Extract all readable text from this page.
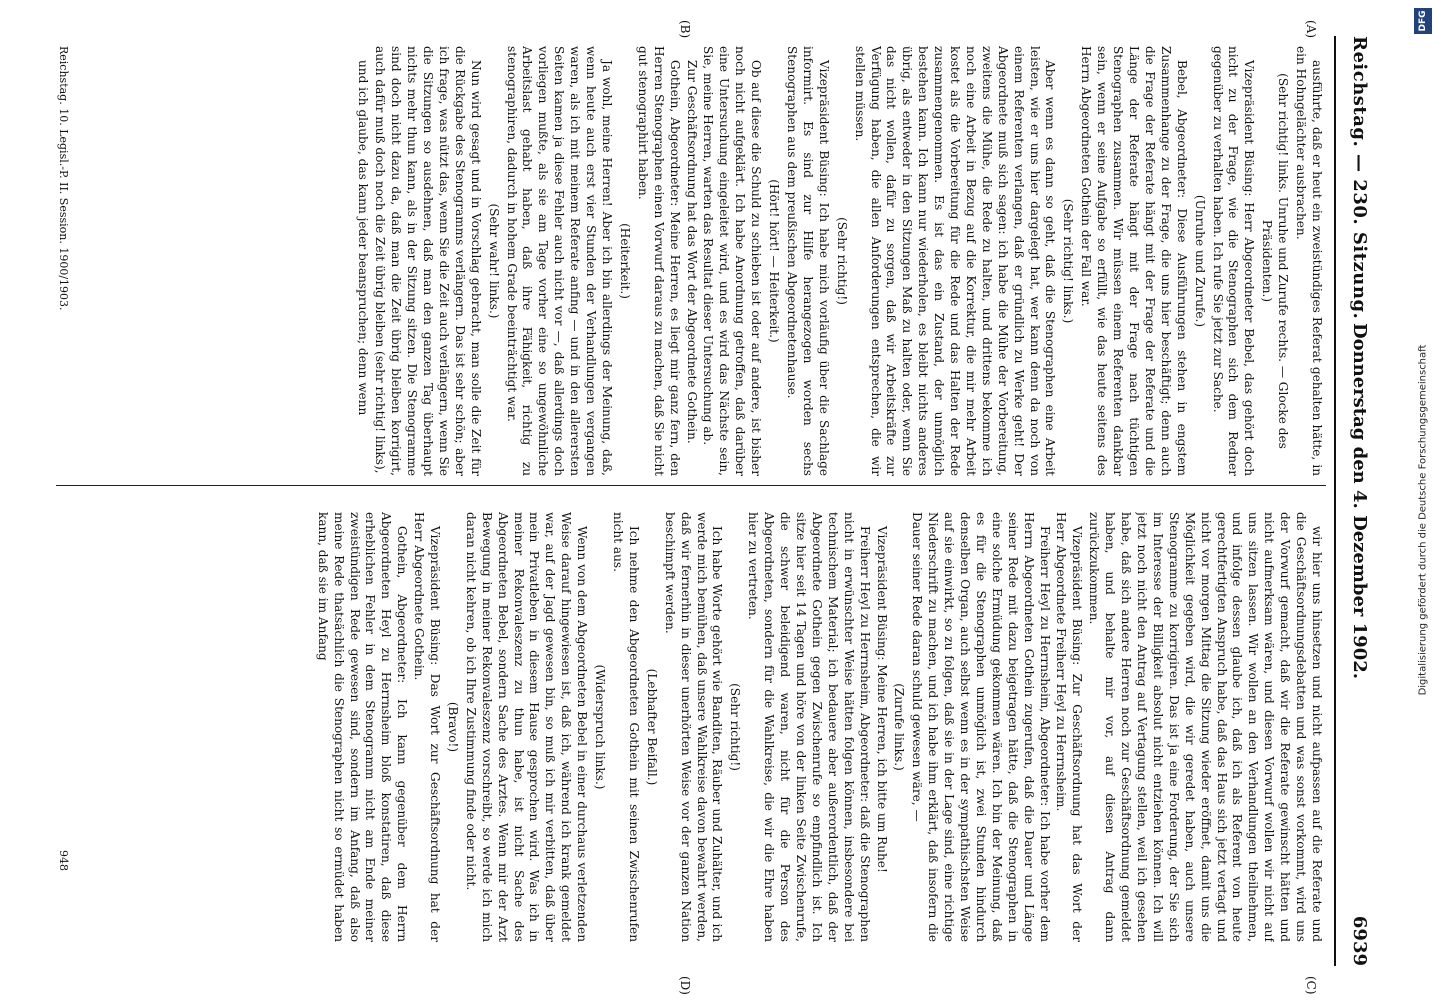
DFG
Digitalisierung gefördert durch die Deutsche Forschungsgemeinschaft
Reichstag. — 230. Sitzung.
Donnerstag den 4. Dezember 1902.
6939
(A)
(B)
(C)
(D)

ausführte, daß er heut ein zweistündiges Referat gehalten hätte, in ein Hohngelächter ausbrachen.

(Sehr richtig! links. Unruhe und Zurufe rechts. — Glocke des Präsidenten.)

Vizepräsident Büsing: Herr Abgeordneter Bebel, das gehört doch nicht zu der Frage, wie die Stenographen sich dem Redner gegenüber zu verhalten haben. Ich rufe Sie jetzt zur Sache.

(Unruhe und Zurufe.)

Bebel, Abgeordneter: Diese Ausführungen stehen in engstem Zusammenhange zu der Frage, die uns hier beschäftigt; denn auch die Frage der Referate hängt mit der Frage der Referate und die Länge der Referate hängt mit der Frage nach tüchtigen Stenographen zusammen. Wir müssen einem Referenten dankbar sein, wenn er seine Aufgabe so erfüllt, wie das heute seitens des Herrn Abgeordneten Gothein der Fall war.

(Sehr richtig! links.)

Aber wenn es dann so geht, daß die Stenographen eine Arbeit leisten, wie er uns hier dargelegt hat, wer kann denn da noch von einem Referenten verlangen, daß er gründlich zu Werke geht! Der Abgeordnete muß sich sagen: ich habe die Mühe der Vorbereitung, zweitens die Mühe, die Rede zu halten, und drittens bekomme ich noch eine Arbeit in Bezug auf die Korrektur, die mir mehr Arbeit kostet als die Vorbereitung für die Rede und das Halten der Rede zusammengenommen. Es ist das ein Zustand, der unmöglich bestehen kann. Ich kann nur wiederholen, es bleibt nichts anderes übrig, als entweder in den Sitzungen Maß zu halten oder, wenn Sie das nicht wollen, dafür zu sorgen, daß wir Arbeitskräfte zur Verfügung haben, die allen Anforderungen entsprechen, die wir stellen müssen.

(Sehr richtig!)

Vizepräsident Büsing: Ich habe mich vorläufig über die Sachlage informirt. Es sind zur Hilfe herangezogen worden sechs Stenographen aus dem preußischen Abgeordnetenhause.

(Hört! hört! — Heiterkeit.)

Ob auf diese die Schuld zu schieben ist oder auf andere, ist bisher noch nicht aufgeklärt. Ich habe Anordnung getroffen, daß darüber eine Untersuchung eingeleitet wird, und es wird das Nächste sein, Sie, meine Herren, warten das Resultat dieser Untersuchung ab.

Zur Geschäftsordnung hat das Wort der Abgeordnete Gothein.

Gothein, Abgeordneter: Meine Herren, es liegt mir ganz fern, den Herren Stenographen einen Vorwurf daraus zu machen, daß Sie nicht gut stenographirt haben.

(Heiterkeit.)

Ja wohl, meine Herren! Aber ich bin allerdings der Meinung, daß, wenn heute auch erst vier Stunden der Verhandlungen vergangen waren, als ich mit meinem Referate anfing — und in den allerersten Seiten kamen ja diese Fehler auch nicht vor —, daß allerdings doch vorliegen mußte, als sie am Tage vorher eine so ungewöhnliche Arbeitslast gehabt haben, daß ihre Fähigkeit, richtig zu stenographiren, dadurch in hohem Grade beeinträchtigt war.

(Sehr wahr! links.)

Nun wird gesagt und in Vorschlag gebracht, man solle die Zeit für die Rückgabe des Stenogramms verlängern. Das ist sehr schön; aber ich frage, was nützt das, wenn Sie die Zeit auch verlängern, wenn Sie die Sitzungen so ausdehnen, daß man den ganzen Tag überhaupt nichts mehr thun kann, als in der Sitzung sitzen. Die Stenogramme sind doch nicht dazu da, daß man die Zeit übrig bleiben korrigirt, auch dafür muß doch noch die Zeit übrig bleiben (sehr richtig! links),

und ich glaube, das kann jeder beanspruchen; denn wenn

wir hier uns hinsetzen und nicht aufpassen auf die Referate und die Geschäftsordnungsdebatten und was sonst vorkommt, wird uns der Vorwurf gemacht, daß wir die Referate gewinscht hätten und nicht aufmerksam wären, und diesen Vorwurf wollen wir nicht auf uns sitzen lassen. Wir wollen an den Verhandlungen theilnehmen, und infolge dessen glaube ich, daß ich als Referent von heute gerechtfertigten Anspruch habe, daß das Haus sich jetzt vertagt und nicht vor morgen Mittag die Sitzung wieder eröffnet, damit uns die Möglichkeit gegeben wird, die wir geredet haben, auch unsere Stenogramme zu korrigiren. Das ist ja eine Forderung, der Sie sich im Interesse der Billigkeit absolut nicht entziehen können. Ich will jetzt noch nicht den Antrag auf Vertagung stellen, weil ich gesehen habe, daß sich andere Herren noch zur Geschäftsordnung gemeldet haben, und behalte mir vor, auf diesen Antrag dann zurückzukommen.

Vizepräsident Büsing: Zur Geschäftsordnung hat das Wort der Herr Abgeordnete Freiherr Heyl zu Herrnsheim.

Freiherr Heyl zu Herrnsheim, Abgeordneter: Ich habe vorher dem Herrn Abgeordneten Gothein zugerufen, daß die Dauer und Länge seiner Rede mit dazu beigetragen hätte, daß die Stenographen in eine solche Ermüdung gekommen wären. Ich bin der Meinung, daß es für die Stenographen unmöglich ist, zwei Stunden hindurch denselben Organ, auch selbst wenn es in der sympathischsten Weise auf sie einwirkt, so zu folgen, daß sie in der Lage sind, eine richtige Niederschrift zu machen, und ich habe ihm erklärt, daß insofern die Dauer seiner Rede daran schuld gewesen wäre, —

(Zurufe links.)

Vizepräsident Büsing: Meine Herren, ich bitte um Ruhe!

Freiherr Heyl zu Herrnsheim, Abgeordneter: daß die Stenographen nicht in erwünschter Weise hätten folgen können, insbesondere bei technischem Material; ich bedauere aber außerordentlich, daß der Abgeordnete Gothein gegen Zwischenrufe so empfindlich ist. Ich sitze hier seit 14 Tagen und höre von der linken Seite Zwischenrufe, die schwer beleidigend waren, nicht für die Person des Abgeordneten, sondern für die Wahlkreise, die wir die Ehre haben hier zu vertreten.

(Sehr richtig!)

Ich habe Worte gehört wie Banditen, Räuber und Zuhälter, und ich werde mich bemühen, daß unsere Wahlkreise davon bewahrt werden, daß wir fernerhin in dieser unerhörten Weise vor der ganzen Nation beschimpft werden.

(Lebhafter Beifall.)

Ich nehme den Abgeordneten Gothein mit seinen Zwischenrufen nicht aus.

(Widerspruch links.)

Wenn von dem Abgeordneten Bebel in einer durchaus verletzenden Weise darauf hingewiesen ist, daß ich, während ich krank gemeldet war, auf der Jagd gewesen bin, so muß ich mir verbitten, daß über mein Privatleben in diesem Hause gesprochen wird. Was ich in meiner Rekonvaleszenz zu thun habe, ist nicht Sache des Abgeordneten Bebel, sondern Sache des Arztes. Wenn mir der Arzt Bewegung in meiner Rekonvaleszenz vorschreibt, so werde ich mich daran nicht kehren, ob ich Ihre Zustimmung finde oder nicht.

(Bravo!)

Vizepräsident Büsing: Das Wort zur Geschäftsordnung hat der Herr Abgeordnete Gothein.

Gothein, Abgeordneter: Ich kann gegenüber dem Herrn Abgeordneten Heyl zu Herrnsheim bloß konstatiren, daß diese erheblichen Fehler in dem Stenogramm nicht am Ende meiner zweistündigen Rede gewesen sind, sondern im Anfang, daß also meine Rede thatsächlich die Stenographen nicht so ermüdet haben kann, daß sie im Anfang

Reichstag. 10. Legisl.-P. II. Session. 1900/1903.
948
